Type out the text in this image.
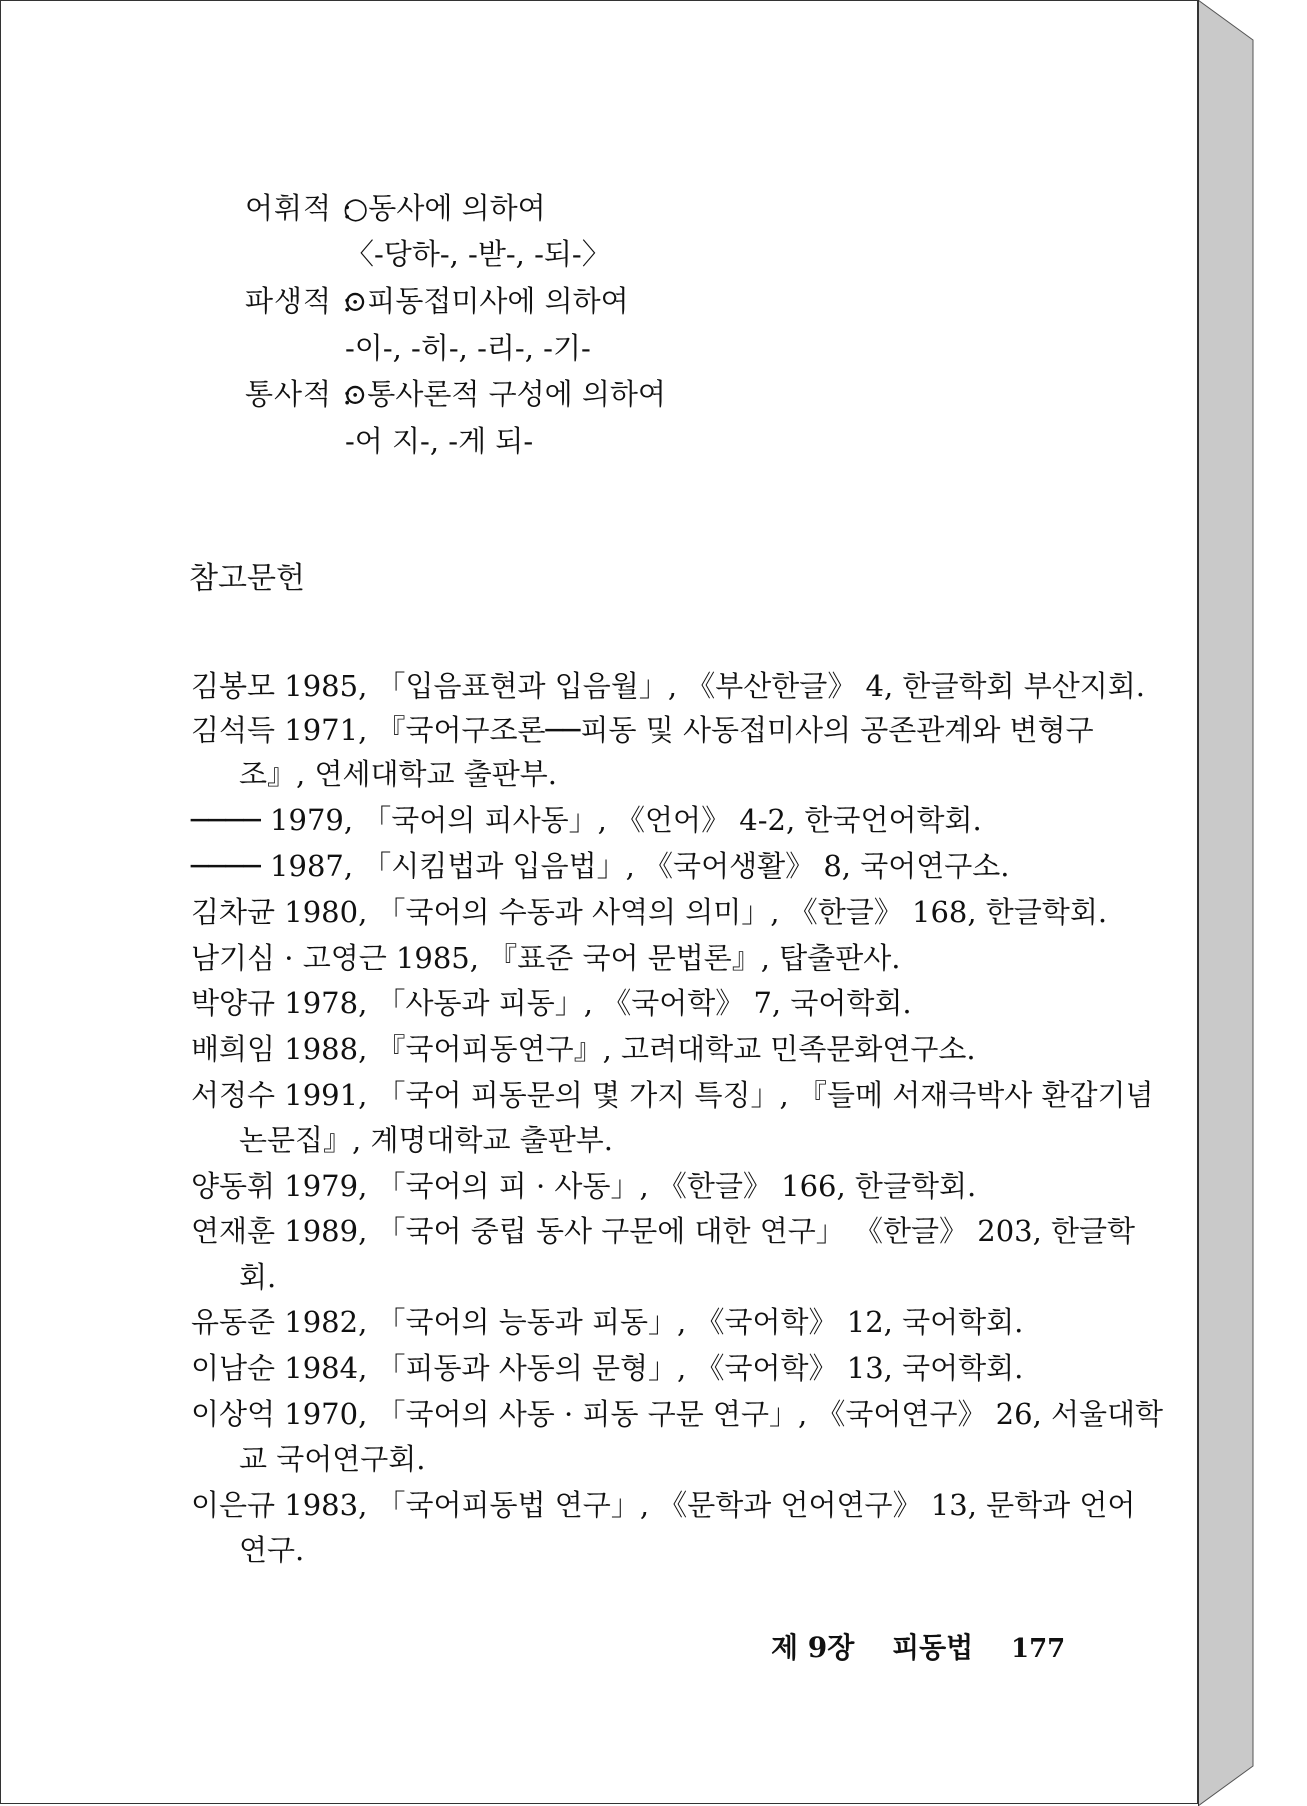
어휘적 :
○동사에 의하여
〈-당하-, -받-, -되-〉
파생적 :
⊙피동접미사에 의하여
-이-, -히-, -리-, -기-
통사적 :
⊙통사론적 구성에 의하여
-어 지-, -게 되-
참고문헌
김봉모 1985, 「입음표현과 입음월」, 《부산한글》 4, 한글학회 부산지회.
김석득 1971, 『국어구조론──피동 및 사동접미사의 공존관계와 변형구
조』, 연세대학교 출판부.
──── 1979, 「국어의 피사동」, 《언어》 4-2, 한국언어학회.
──── 1987, 「시킴법과 입음법」, 《국어생활》 8, 국어연구소.
김차균 1980, 「국어의 수동과 사역의 의미」, 《한글》 168, 한글학회.
남기심 · 고영근 1985, 『표준 국어 문법론』, 탑출판사.
박양규 1978, 「사동과 피동」, 《국어학》 7, 국어학회.
배희임 1988, 『국어피동연구』, 고려대학교 민족문화연구소.
서정수 1991, 「국어 피동문의 몇 가지 특징」, 『들메 서재극박사 환갑기념
논문집』, 계명대학교 출판부.
양동휘 1979, 「국어의 피 · 사동」, 《한글》 166, 한글학회.
연재훈 1989, 「국어 중립 동사 구문에 대한 연구」 《한글》 203, 한글학
회.
유동준 1982, 「국어의 능동과 피동」, 《국어학》 12, 국어학회.
이남순 1984, 「피동과 사동의 문형」, 《국어학》 13, 국어학회.
이상억 1970, 「국어의 사동 · 피동 구문 연구」, 《국어연구》 26, 서울대학
교 국어연구회.
이은규 1983, 「국어피동법 연구」, 《문학과 언어연구》 13, 문학과 언어
연구.
제 9장 피동법 177
